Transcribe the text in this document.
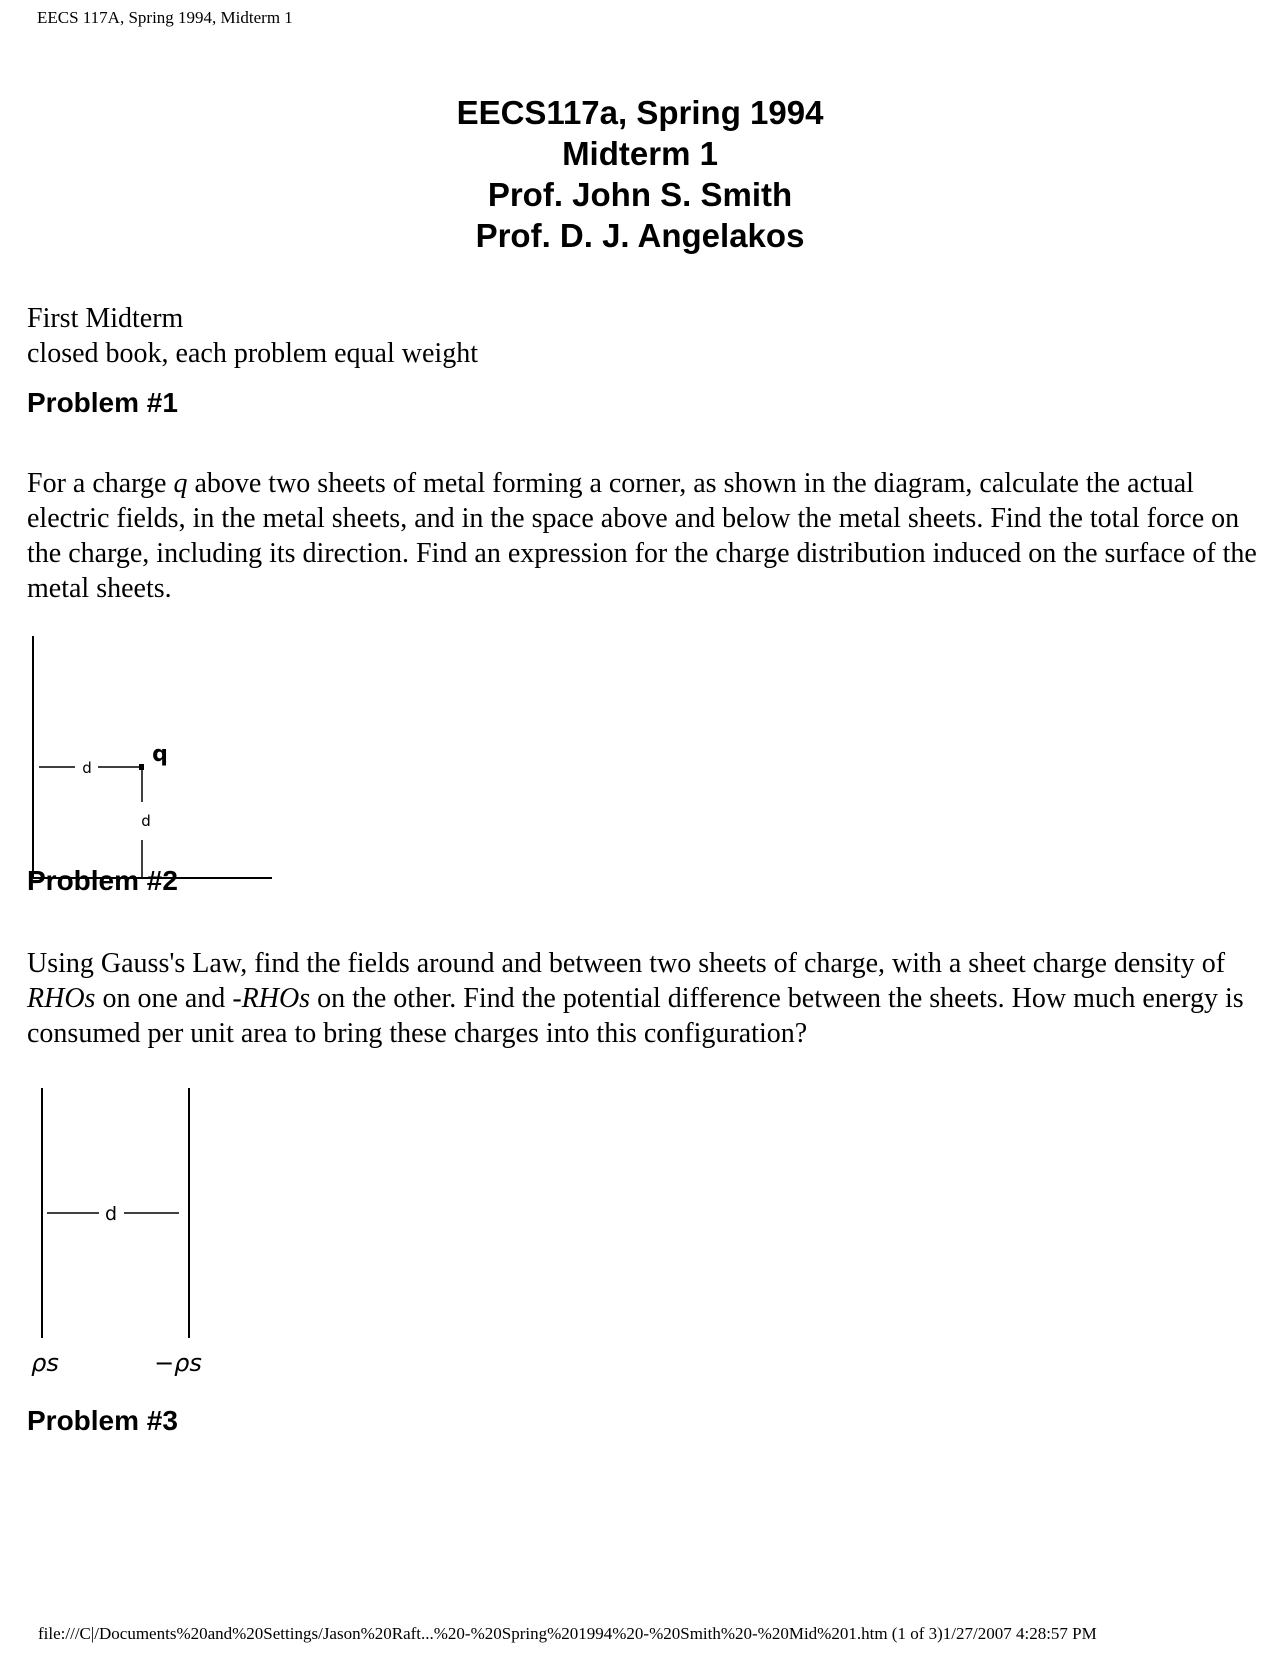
EECS 117A, Spring 1994, Midterm 1
EECS117a, Spring 1994
Midterm 1
Prof. John S. Smith
Prof. D. J. Angelakos
First Midterm
closed book, each problem equal weight
Problem #1
For a charge q above two sheets of metal forming a corner, as shown in the diagram, calculate the actual electric fields, in the metal sheets, and in the space above and below the metal sheets. Find the total force on the charge, including its direction. Find an expression for the charge distribution induced on the surface of the metal sheets.
d
q
d
Problem #2
Using Gauss's Law, find the fields around and between two sheets of charge, with a sheet charge density of RHOs on one and -RHOs on the other. Find the potential difference between the sheets. How much energy is consumed per unit area to bring these charges into this configuration?
d
ρs	−ρs
Problem #3
file:///C|/Documents%20and%20Settings/Jason%20Raft...%20-%20Spring%201994%20-%20Smith%20-%20Mid%201.htm (1 of 3)1/27/2007 4:28:57 PM
